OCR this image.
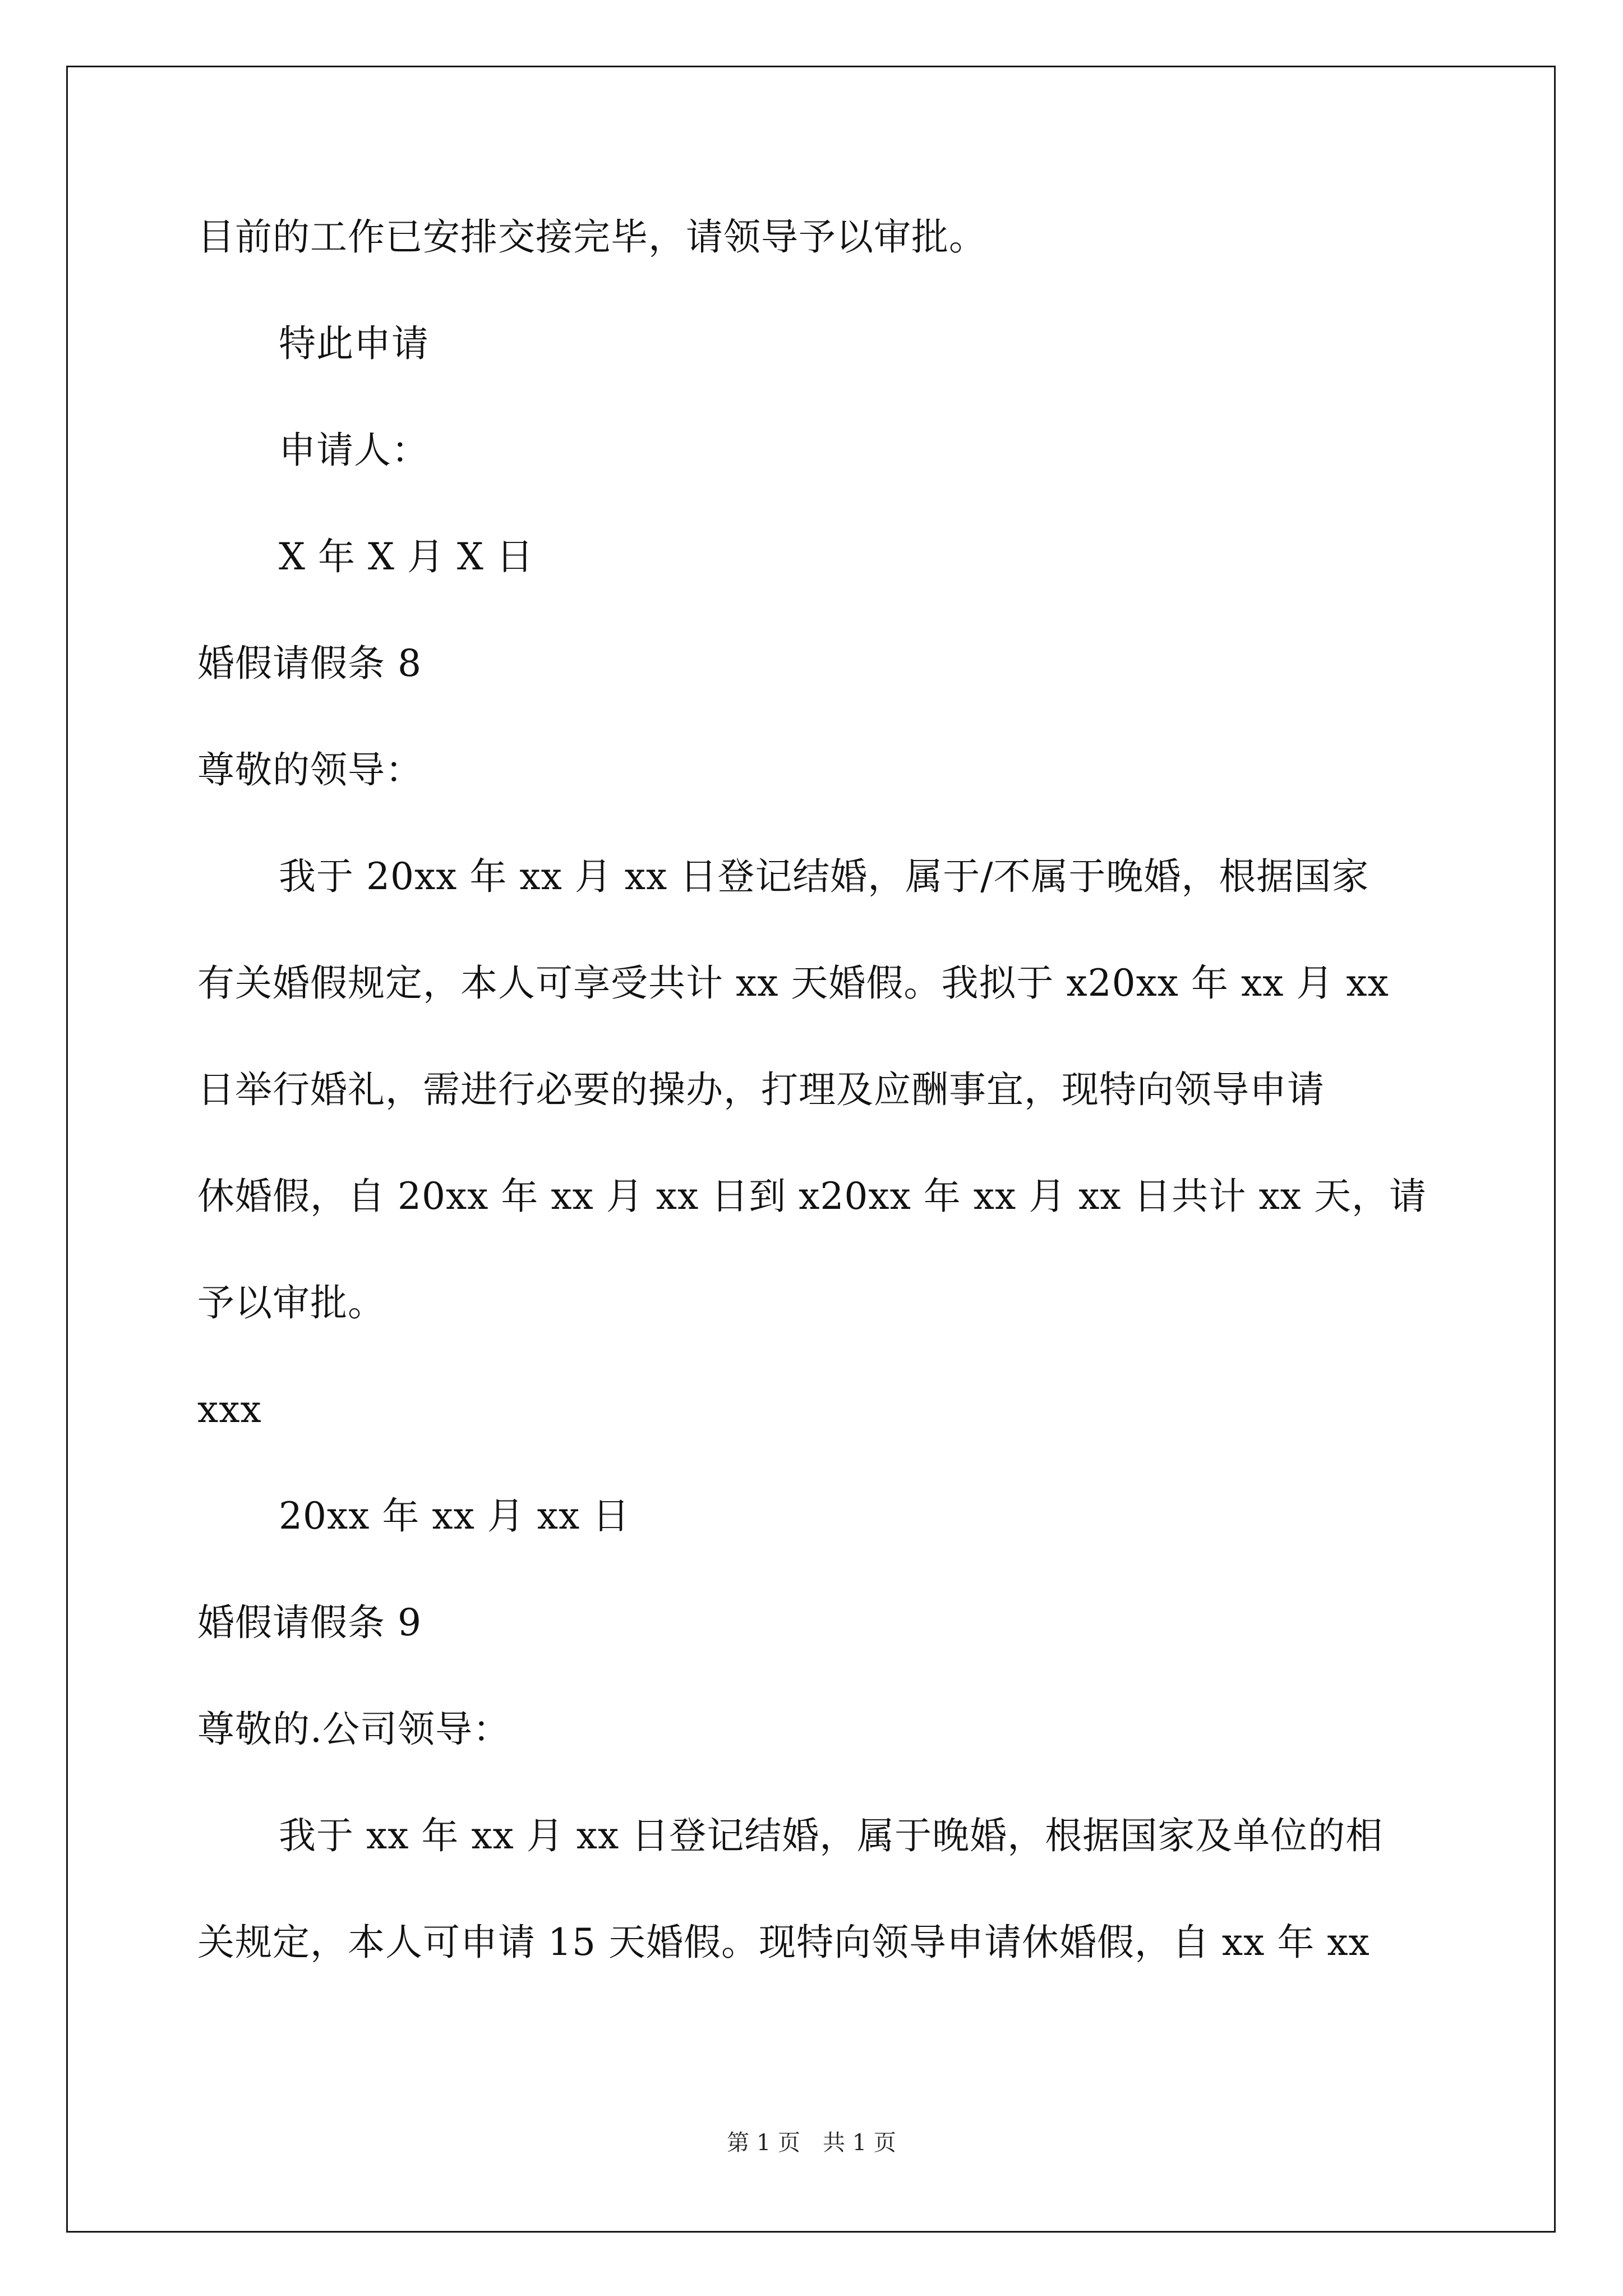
目前的工作已安排交接完毕，请领导予以审批。
特此申请
申请人：
X 年 X 月 X 日
婚假请假条 8
尊敬的领导：
我于 20xx 年 xx 月 xx 日登记结婚，属于/不属于晚婚，根据国家
有关婚假规定，本人可享受共计 xx 天婚假。我拟于 x20xx 年 xx 月 xx
日举行婚礼，需进行必要的操办，打理及应酬事宜，现特向领导申请
休婚假，自 20xx 年 xx 月 xx 日到 x20xx 年 xx 月 xx 日共计 xx 天，请
予以审批。
xxx
20xx 年 xx 月 xx 日
婚假请假条 9
尊敬的.公司领导：
我于 xx 年 xx 月 xx 日登记结婚，属于晚婚，根据国家及单位的相
关规定，本人可申请 15 天婚假。现特向领导申请休婚假，自 xx 年 xx
第 1 页　共 1 页
